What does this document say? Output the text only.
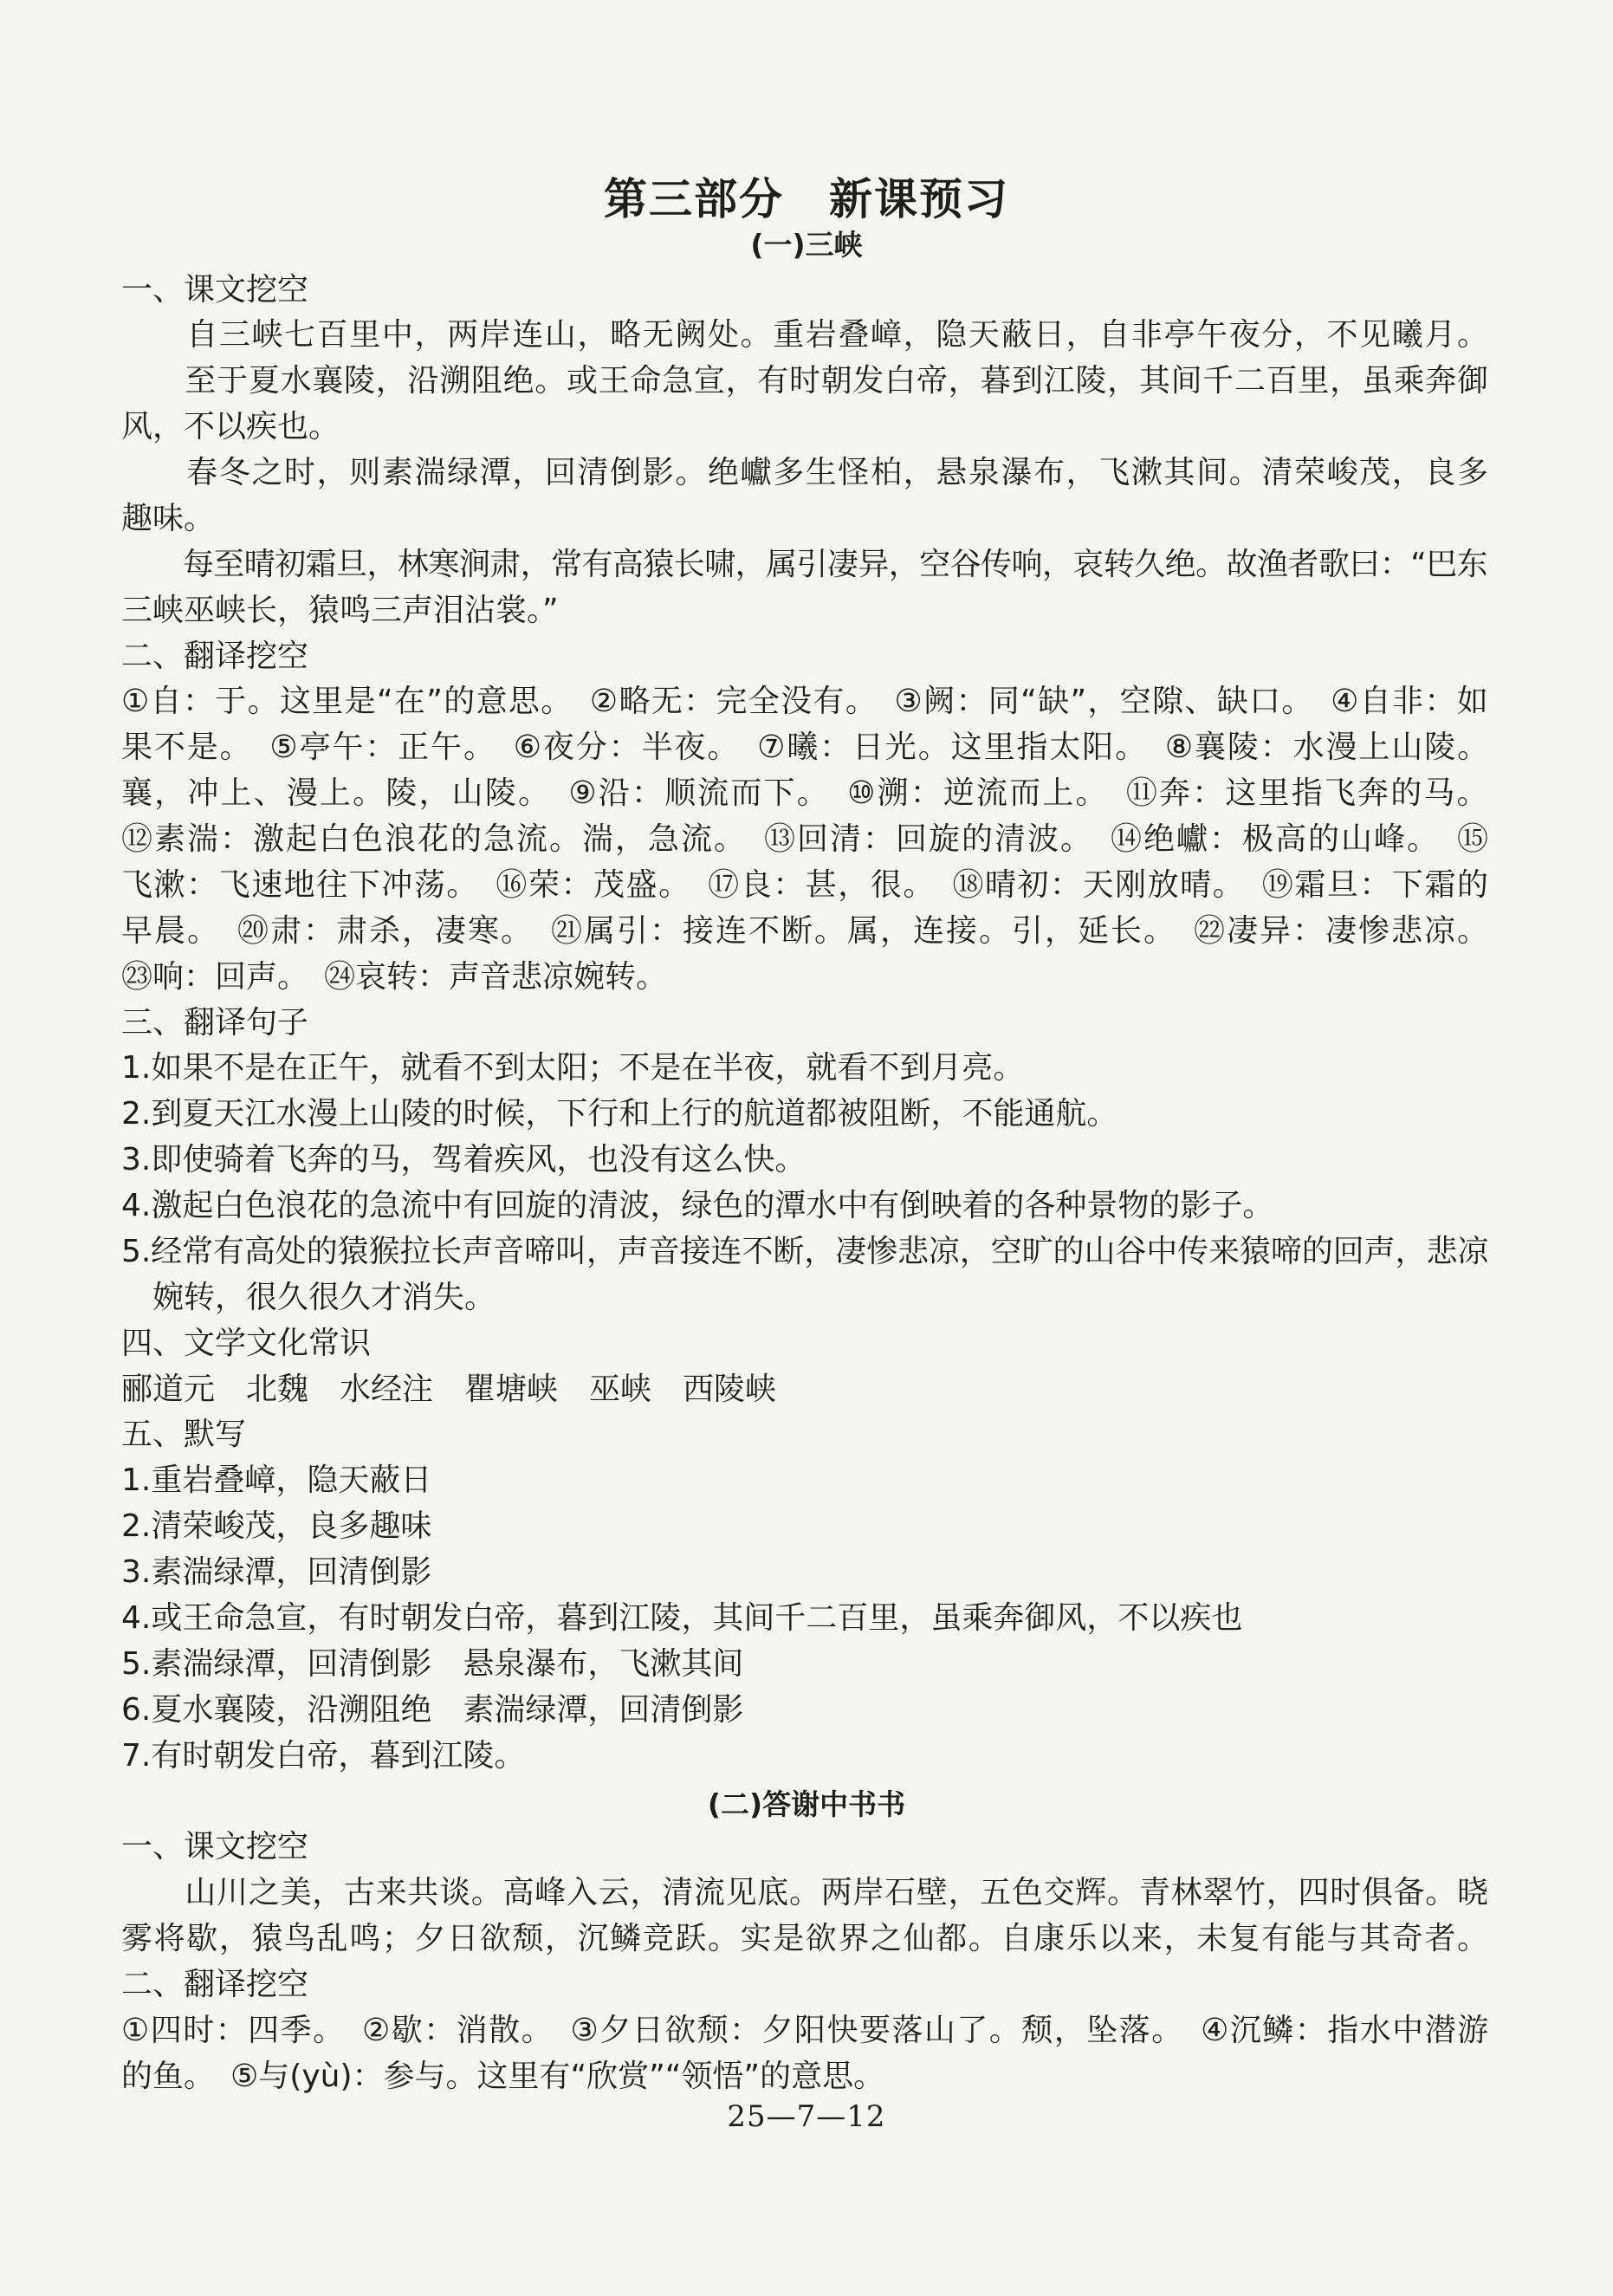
第三部分　新课预习
(一)三峡
一、课文挖空
　　自三峡七百里中，两岸连山，略无阙处。重岩叠嶂，隐天蔽日，自非亭午夜分，不见曦月。
　　至于夏水襄陵，沿溯阻绝。或王命急宣，有时朝发白帝，暮到江陵，其间千二百里，虽乘奔御
风，不以疾也。
　　春冬之时，则素湍绿潭，回清倒影。绝巘多生怪柏，悬泉瀑布，飞漱其间。清荣峻茂，良多
趣味。
　　每至晴初霜旦，林寒涧肃，常有高猿长啸，属引凄异，空谷传响，哀转久绝。故渔者歌曰：“巴东
三峡巫峡长，猿鸣三声泪沾裳。”
二、翻译挖空
①自：于。这里是“在”的意思。　②略无：完全没有。　③阙：同“缺”，空隙、缺口。　④自非：如
果不是。　⑤亭午：正午。　⑥夜分：半夜。　⑦曦：日光。这里指太阳。　⑧襄陵：水漫上山陵。
襄，冲上、漫上。陵，山陵。　⑨沿：顺流而下。　⑩溯：逆流而上。　⑪奔：这里指飞奔的马。
⑫素湍：激起白色浪花的急流。湍，急流。　⑬回清：回旋的清波。　⑭绝巘：极高的山峰。　⑮
飞漱：飞速地往下冲荡。　⑯荣：茂盛。　⑰良：甚，很。　⑱晴初：天刚放晴。　⑲霜旦：下霜的
早晨。　⑳肃：肃杀，凄寒。　㉑属引：接连不断。属，连接。引，延长。　㉒凄异：凄惨悲凉。
㉓响：回声。　㉔哀转：声音悲凉婉转。
三、翻译句子
1.如果不是在正午，就看不到太阳；不是在半夜，就看不到月亮。
2.到夏天江水漫上山陵的时候，下行和上行的航道都被阻断，不能通航。
3.即使骑着飞奔的马，驾着疾风，也没有这么快。
4.激起白色浪花的急流中有回旋的清波，绿色的潭水中有倒映着的各种景物的影子。
5.经常有高处的猿猴拉长声音啼叫，声音接连不断，凄惨悲凉，空旷的山谷中传来猿啼的回声，悲凉
　婉转，很久很久才消失。
四、文学文化常识
郦道元　北魏　水经注　瞿塘峡　巫峡　西陵峡
五、默写
1.重岩叠嶂，隐天蔽日
2.清荣峻茂，良多趣味
3.素湍绿潭，回清倒影
4.或王命急宣，有时朝发白帝，暮到江陵，其间千二百里，虽乘奔御风，不以疾也
5.素湍绿潭，回清倒影　悬泉瀑布，飞漱其间
6.夏水襄陵，沿溯阻绝　素湍绿潭，回清倒影
7.有时朝发白帝，暮到江陵。
(二)答谢中书书
一、课文挖空
　　山川之美，古来共谈。高峰入云，清流见底。两岸石壁，五色交辉。青林翠竹，四时俱备。晓
雾将歇，猿鸟乱鸣；夕日欲颓，沉鳞竞跃。实是欲界之仙都。自康乐以来，未复有能与其奇者。
二、翻译挖空
①四时：四季。　②歇：消散。　③夕日欲颓：夕阳快要落山了。颓，坠落。　④沉鳞：指水中潜游
的鱼。　⑤与(yù)：参与。这里有“欣赏”“领悟”的意思。
25—7—12
